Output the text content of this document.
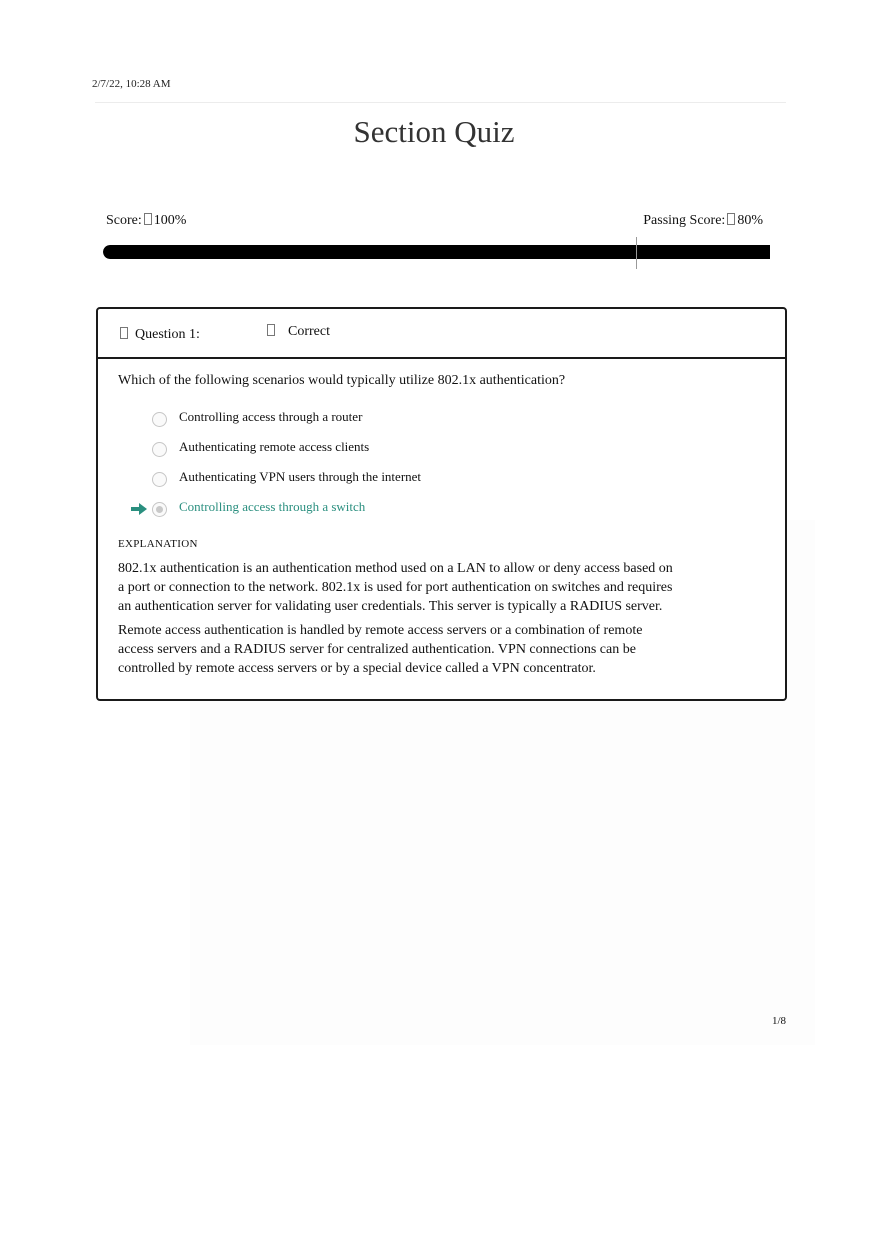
2/7/22, 10:28 AM
Section Quiz
Score: 100%	Passing Score: 80%
Question 1:	Correct
Which of the following scenarios would typically utilize 802.1x authentication?
Controlling access through a router
Authenticating remote access clients
Authenticating VPN users through the internet
Controlling access through a switch
EXPLANATION

802.1x authentication is an authentication method used on a LAN to allow or deny access based on a port or connection to the network. 802.1x is used for port authentication on switches and requires an authentication server for validating user credentials. This server is typically a RADIUS server.

Remote access authentication is handled by remote access servers or a combination of remote access servers and a RADIUS server for centralized authentication. VPN connections can be controlled by remote access servers or by a special device called a VPN concentrator.

1/8
